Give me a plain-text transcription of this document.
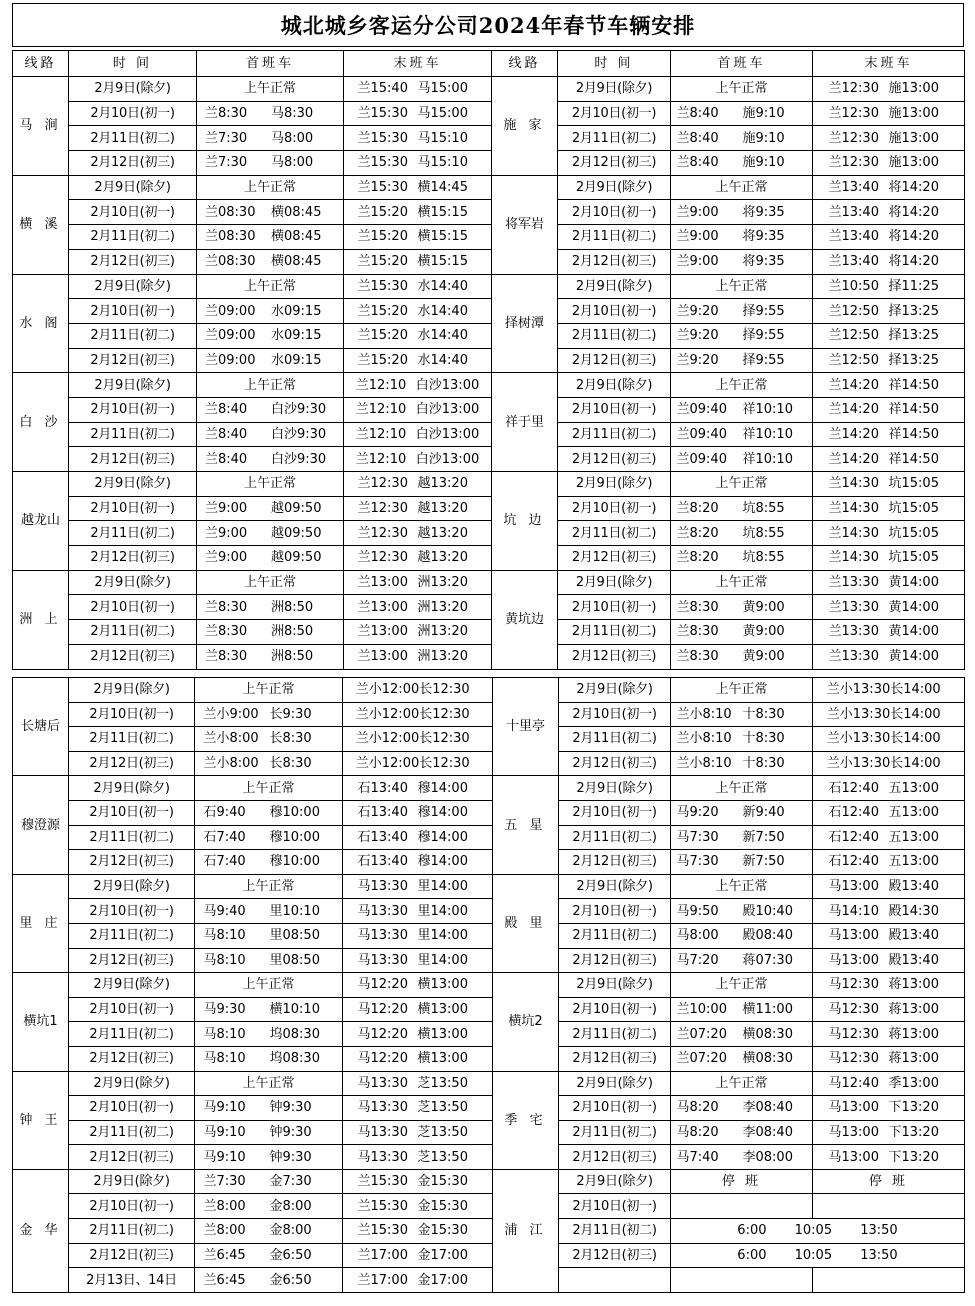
城北城乡客运分公司2024年春节车辆安排
线路	时 间	首班车	末班车	线路	时 间	首班车	末班车
马 涧	2月9日(除夕)	上午正常	兰15:40 马15:00	施 家	2月9日(除夕)	上午正常	兰12:30 施13:00
	2月10日(初一)	兰8:30 马8:30	兰15:30 马15:00		2月10日(初一)	兰8:40 施9:10	兰12:30 施13:00
	2月11日(初二)	兰7:30 马8:00	兰15:30 马15:10		2月11日(初二)	兰8:40 施9:10	兰12:30 施13:00
	2月12日(初三)	兰7:30 马8:00	兰15:30 马15:10		2月12日(初三)	兰8:40 施9:10	兰12:30 施13:00
横 溪	2月9日(除夕)	上午正常	兰15:30 横14:45	将军岩	2月9日(除夕)	上午正常	兰13:40 将14:20
	2月10日(初一)	兰08:30 横08:45	兰15:20 横15:15		2月10日(初一)	兰9:00 将9:35	兰13:40 将14:20
	2月11日(初二)	兰08:30 横08:45	兰15:20 横15:15		2月11日(初二)	兰9:00 将9:35	兰13:40 将14:20
	2月12日(初三)	兰08:30 横08:45	兰15:20 横15:15		2月12日(初三)	兰9:00 将9:35	兰13:40 将14:20
水 阁	2月9日(除夕)	上午正常	兰15:30 水14:40	择树潭	2月9日(除夕)	上午正常	兰10:50 择11:25
	2月10日(初一)	兰09:00 水09:15	兰15:20 水14:40		2月10日(初一)	兰9:20 择9:55	兰12:50 择13:25
	2月11日(初二)	兰09:00 水09:15	兰15:20 水14:40		2月11日(初二)	兰9:20 择9:55	兰12:50 择13:25
	2月12日(初三)	兰09:00 水09:15	兰15:20 水14:40		2月12日(初三)	兰9:20 择9:55	兰12:50 择13:25
白 沙	2月9日(除夕)	上午正常	兰12:10 白沙13:00	祥于里	2月9日(除夕)	上午正常	兰14:20 祥14:50
	2月10日(初一)	兰8:40 白沙9:30	兰12:10 白沙13:00		2月10日(初一)	兰09:40 祥10:10	兰14:20 祥14:50
	2月11日(初二)	兰8:40 白沙9:30	兰12:10 白沙13:00		2月11日(初二)	兰09:40 祥10:10	兰14:20 祥14:50
	2月12日(初三)	兰8:40 白沙9:30	兰12:10 白沙13:00		2月12日(初三)	兰09:40 祥10:10	兰14:20 祥14:50
越龙山	2月9日(除夕)	上午正常	兰12:30 越13:20	坑 边	2月9日(除夕)	上午正常	兰14:30 坑15:05
	2月10日(初一)	兰9:00 越09:50	兰12:30 越13:20		2月10日(初一)	兰8:20 坑8:55	兰14:30 坑15:05
	2月11日(初二)	兰9:00 越09:50	兰12:30 越13:20		2月11日(初二)	兰8:20 坑8:55	兰14:30 坑15:05
	2月12日(初三)	兰9:00 越09:50	兰12:30 越13:20		2月12日(初三)	兰8:20 坑8:55	兰14:30 坑15:05
洲 上	2月9日(除夕)	上午正常	兰13:00 洲13:20	黄坑边	2月9日(除夕)	上午正常	兰13:30 黄14:00
	2月10日(初一)	兰8:30 洲8:50	兰13:00 洲13:20		2月10日(初一)	兰8:30 黄9:00	兰13:30 黄14:00
	2月11日(初二)	兰8:30 洲8:50	兰13:00 洲13:20		2月11日(初二)	兰8:30 黄9:00	兰13:30 黄14:00
	2月12日(初三)	兰8:30 洲8:50	兰13:00 洲13:20		2月12日(初三)	兰8:30 黄9:00	兰13:30 黄14:00
长塘后	2月9日(除夕)	上午正常	兰小12:00长12:30	十里亭	2月9日(除夕)	上午正常	兰小13:30长14:00
	2月10日(初一)	兰小9:00 长9:30	兰小12:00长12:30		2月10日(初一)	兰小8:10 十8:30	兰小13:30长14:00
	2月11日(初二)	兰小8:00 长8:30	兰小12:00长12:30		2月11日(初二)	兰小8:10 十8:30	兰小13:30长14:00
	2月12日(初三)	兰小8:00 长8:30	兰小12:00长12:30		2月12日(初三)	兰小8:10 十8:30	兰小13:30长14:00
穆澄源	2月9日(除夕)	上午正常	石13:40 穆14:00	五 星	2月9日(除夕)	上午正常	石12:40 五13:00
	2月10日(初一)	石9:40 穆10:00	石13:40 穆14:00		2月10日(初一)	马9:20 新9:40	石12:40 五13:00
	2月11日(初二)	石7:40 穆10:00	石13:40 穆14:00		2月11日(初二)	马7:30 新7:50	石12:40 五13:00
	2月12日(初三)	石7:40 穆10:00	石13:40 穆14:00		2月12日(初三)	马7:30 新7:50	石12:40 五13:00
里 庄	2月9日(除夕)	上午正常	马13:30 里14:00	殿 里	2月9日(除夕)	上午正常	马13:00 殿13:40
	2月10日(初一)	马9:40 里10:10	马13:30 里14:00		2月10日(初一)	马9:50 殿10:40	马14:10 殿14:30
	2月11日(初二)	马8:10 里08:50	马13:30 里14:00		2月11日(初二)	马8:00 殿08:40	马13:00 殿13:40
	2月12日(初三)	马8:10 里08:50	马13:30 里14:00		2月12日(初三)	马7:20 蒋07:30	马13:00 殿13:40
横坑1	2月9日(除夕)	上午正常	马12:20 横13:00	横坑2	2月9日(除夕)	上午正常	马12:30 蒋13:00
	2月10日(初一)	马9:30 横10:10	马12:20 横13:00		2月10日(初一)	兰10:00 横11:00	马12:30 蒋13:00
	2月11日(初二)	马8:10 坞08:30	马12:20 横13:00		2月11日(初二)	兰07:20 横08:30	马12:30 蒋13:00
	2月12日(初三)	马8:10 坞08:30	马12:20 横13:00		2月12日(初三)	兰07:20 横08:30	马12:30 蒋13:00
钟 王	2月9日(除夕)	上午正常	马13:30 芝13:50	季 宅	2月9日(除夕)	上午正常	马12:40 季13:00
	2月10日(初一)	马9:10 钟9:30	马13:30 芝13:50		2月10日(初一)	马8:20 李08:40	马13:00 下13:20
	2月11日(初二)	马9:10 钟9:30	马13:30 芝13:50		2月11日(初二)	马8:20 李08:40	马13:00 下13:20
	2月12日(初三)	马9:10 钟9:30	马13:30 芝13:50		2月12日(初三)	马7:40 李08:00	马13:00 下13:20
金 华	2月9日(除夕)	兰7:30 金7:30	兰15:30 金15:30	浦 江	2月9日(除夕)	停 班	停 班
	2月10日(初一)	兰8:00 金8:00	兰15:30 金15:30		2月10日(初一)		
	2月11日(初二)	兰8:00 金8:00	兰15:30 金15:30		2月11日(初二)	6:00 10:05 13:50	
	2月12日(初三)	兰6:45 金6:50	兰17:00 金17:00		2月12日(初三)	6:00 10:05 13:50	
	2月13日、14日	兰6:45 金6:50	兰17:00 金17:00				
